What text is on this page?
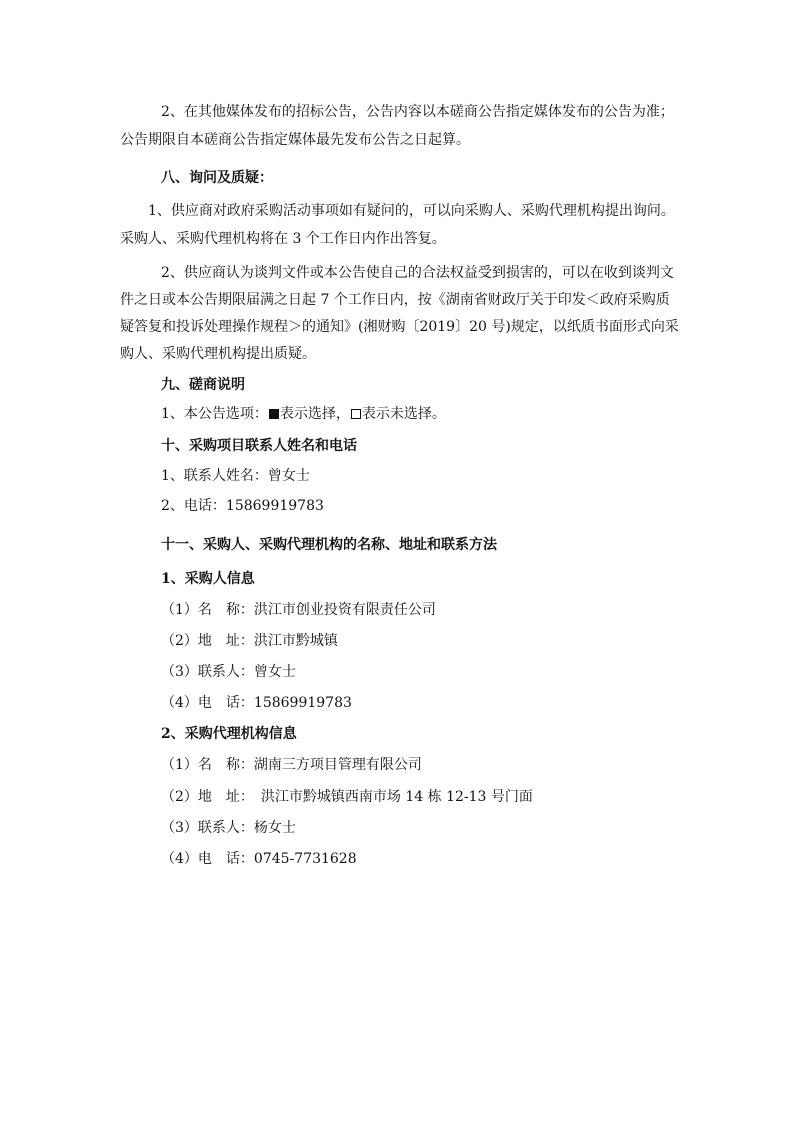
2、在其他媒体发布的招标公告，公告内容以本磋商公告指定媒体发布的公告为准；
公告期限自本磋商公告指定媒体最先发布公告之日起算。
八、询问及质疑：
1、供应商对政府采购活动事项如有疑问的，可以向采购人、采购代理机构提出询问。
采购人、采购代理机构将在 3 个工作日内作出答复。
2、供应商认为谈判文件或本公告使自己的合法权益受到损害的，可以在收到谈判文
件之日或本公告期限届满之日起 7 个工作日内，按《湖南省财政厅关于印发＜政府采购质
疑答复和投诉处理操作规程＞的通知》(湘财购〔2019〕20 号)规定，以纸质书面形式向采
购人、采购代理机构提出质疑。
九、磋商说明
1、本公告选项： 表示选择， 表示未选择。
十、采购项目联系人姓名和电话
1、联系人姓名：曾女士
2、电话：15869919783
十一、采购人、采购代理机构的名称、地址和联系方法
1、采购人信息
（1）名　称：洪江市创业投资有限责任公司
（2）地　址：洪江市黔城镇
（3）联系人：曾女士
（4）电　话：15869919783
2、采购代理机构信息
（1）名　称：湖南三方项目管理有限公司
（2）地　址：　洪江市黔城镇西南市场 14 栋 12-13 号门面
（3）联系人：杨女士
（4）电　话：0745-7731628
